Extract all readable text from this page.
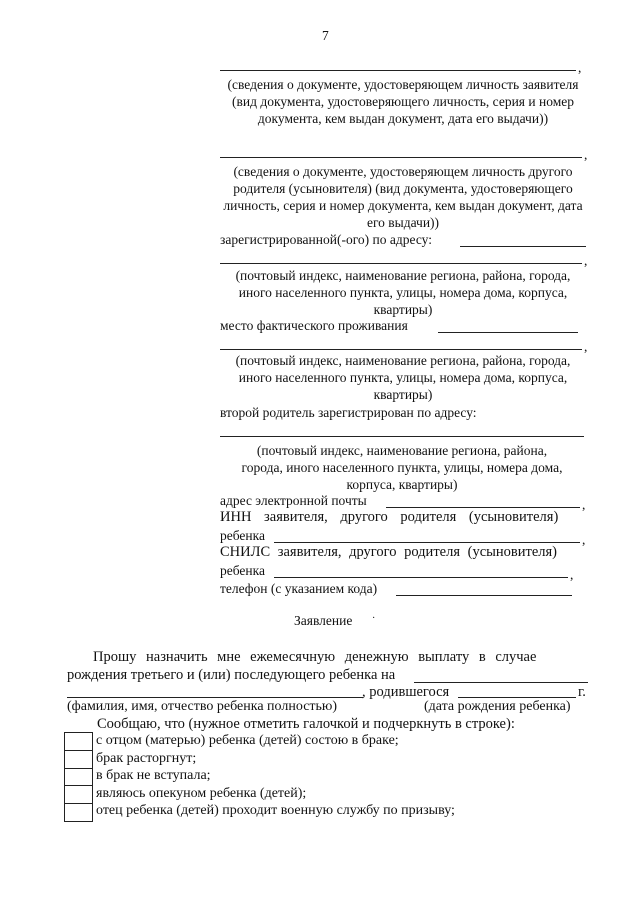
7
,
(сведения о документе, удостоверяющем личность заявителя (вид документа, удостоверяющего личность, серия и номер документа, кем выдан документ, дата его выдачи))
,
(сведения о документе, удостоверяющем личность другого родителя (усыновителя) (вид документа, удостоверяющего личность, серия и номер документа, кем выдан документ, дата его выдачи))
зарегистрированной(-ого) по адресу:
,
(почтовый индекс, наименование региона, района, города, иного населенного пункта, улицы, номера дома, корпуса, квартиры)
место фактического проживания
,
(почтовый индекс, наименование региона, района, города, иного населенного пункта, улицы, номера дома, корпуса, квартиры)
второй родитель зарегистрирован по адресу:
(почтовый индекс, наименование региона, района, города, иного населенного пункта, улицы, номера дома, корпуса, квартиры)
адрес электронной почты	,
ИНН заявителя, другого родителя (усыновителя)
ребенка	,
СНИЛС заявителя, другого родителя (усыновителя)
ребенка	,
телефон (с указанием кода)
Заявление ·
Прошу назначить мне ежемесячную денежную выплату в случае
рождения третьего и (или) последующего ребенка на
, родившегося	г.
(фамилия, имя, отчество ребенка полностью)	(дата рождения ребенка)
Сообщаю, что (нужное отметить галочкой и подчеркнуть в строке):
с отцом (матерью) ребенка (детей) состою в браке;
брак расторгнут;
в брак не вступала;
являюсь опекуном ребенка (детей);
отец ребенка (детей) проходит военную службу по призыву;
